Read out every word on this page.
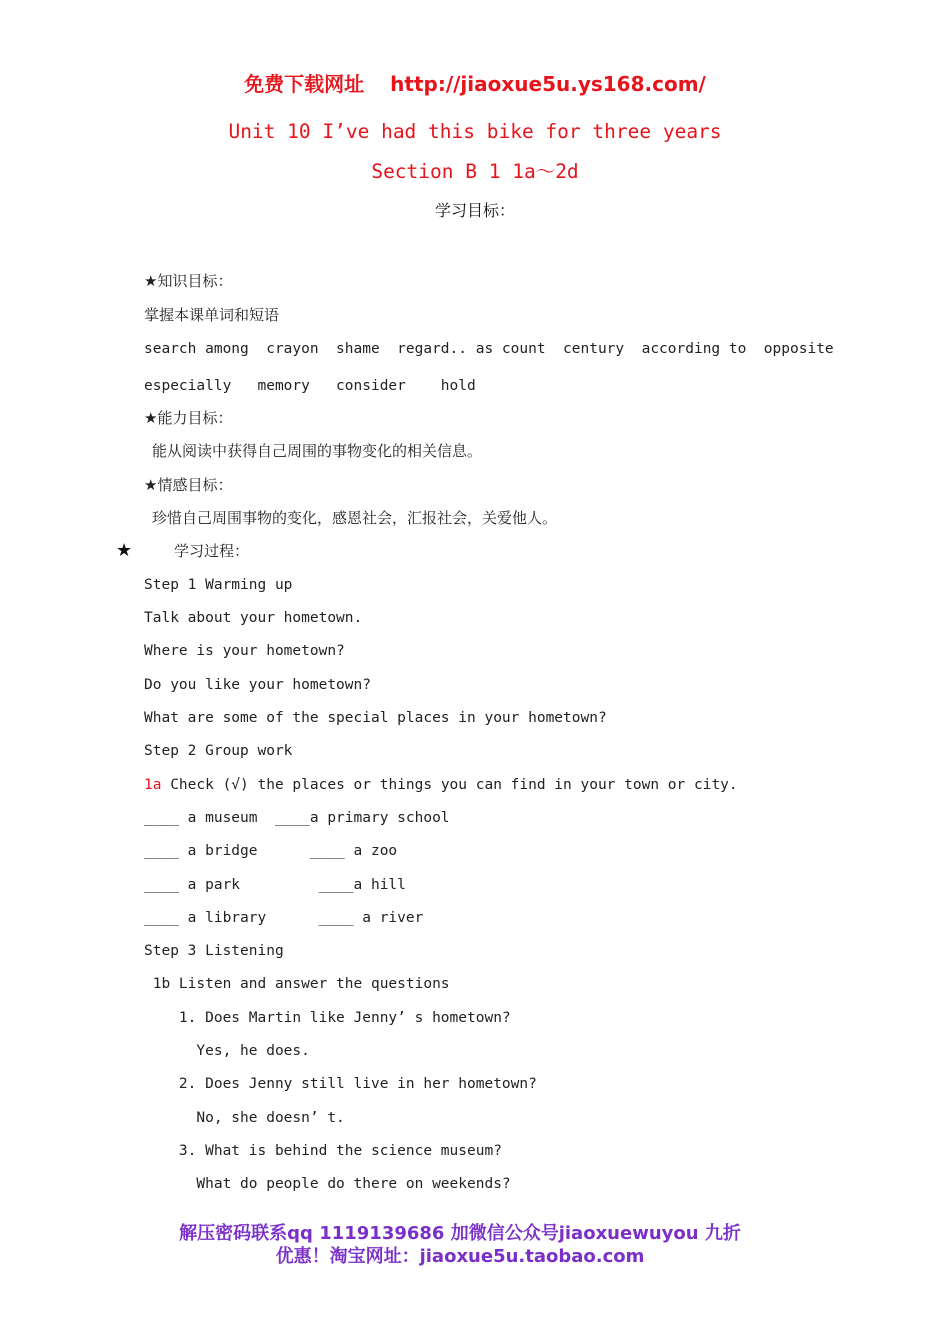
免费下载网址 http://jiaoxue5u.ys168.com/
Unit 10 I’ve had this bike for three years
Section B 1 1a～2d
学习目标：
★知识目标：
掌握本课单词和短语
search among  crayon  shame  regard.. as count  century  according to  opposite
especially   memory   consider    hold
★能力目标：
能从阅读中获得自己周围的事物变化的相关信息。
★情感目标：
珍惜自己周围事物的变化，感恩社会，汇报社会，关爱他人。
★	学习过程：
Step 1 Warming up
Talk about your hometown.
Where is your hometown?
Do you like your hometown?
What are some of the special places in your hometown?
Step 2 Group work
1a Check (√) the places or things you can find in your town or city.
____ a museum  ____a primary school
____ a bridge      ____ a zoo
____ a park         ____a hill
____ a library      ____ a river
Step 3 Listening
1b Listen and answer the questions
1. Does Martin like Jenny’ s hometown?
Yes, he does.
2. Does Jenny still live in her hometown?
No, she doesn’ t.
3. What is behind the science museum?
What do people do there on weekends?
解压密码联系qq 1119139686 加微信公众号jiaoxuewuyou 九折
优惠！淘宝网址：jiaoxue5u.taobao.com
